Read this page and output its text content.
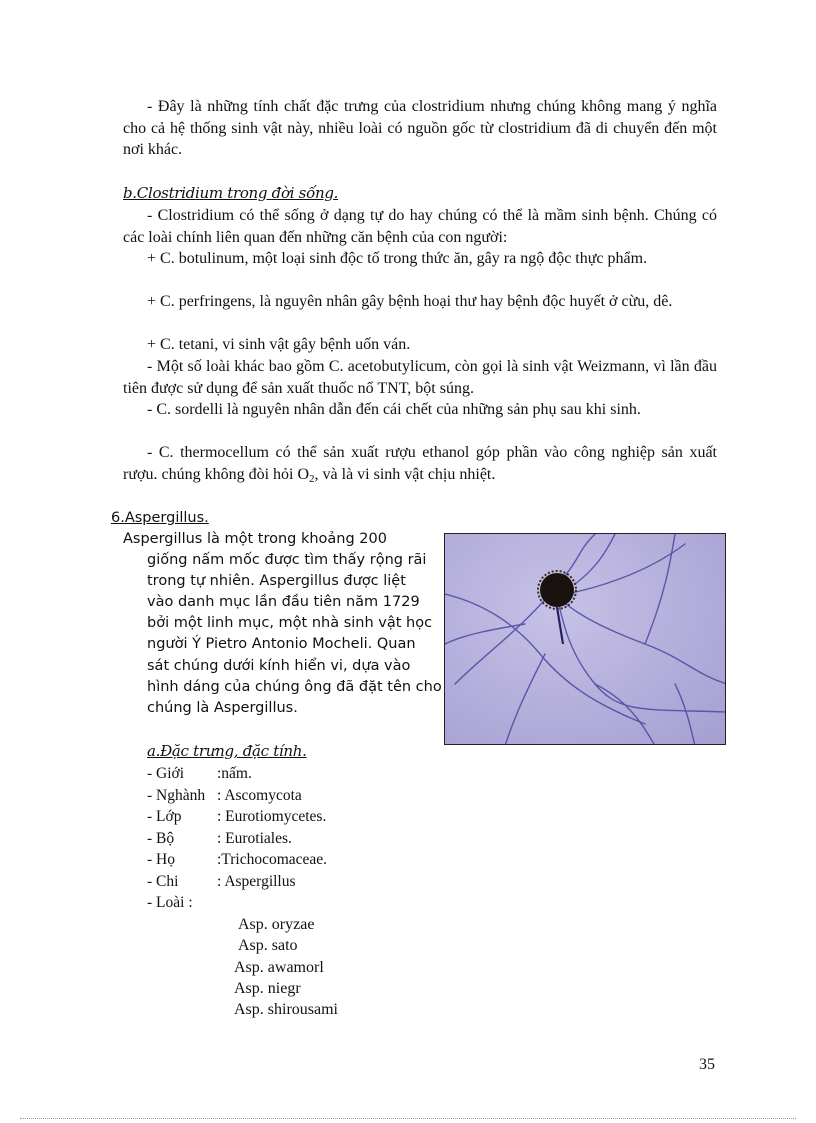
- Đây là những tính chất đặc trưng của clostridium nhưng chúng không mang ý nghĩa cho cả hệ thống sinh vật này, nhiều loài có nguồn gốc từ clostridium đã di chuyển đến một nơi khác.
b.Clostridium trong đời sống.
- Clostridium có thể sống ở dạng tự do hay chúng có thể là mầm sinh bệnh. Chúng có các loài chính liên quan đến những căn bệnh của con người:
+ C. botulinum, một loại sinh độc tố trong thức ăn, gây ra ngộ độc thực phẩm.
+ C. perfringens, là nguyên nhân gây bệnh hoại thư hay bệnh độc huyết ở cừu, dê.
+ C. tetani, vi sinh vật gây bệnh uốn ván.
- Một số loài khác bao gồm C. acetobutylicum, còn gọi là sinh vật Weizmann, vì lần đầu tiên được sử dụng để sản xuất thuốc nổ TNT, bột súng.
- C. sordelli là nguyên nhân dẫn đến cái chết của những sản phụ sau khi sinh.
- C. thermocellum có thể sản xuất rượu ethanol góp phần vào công nghiệp sản xuất rượu. chúng không đòi hỏi $O_2$, và là vi sinh vật chịu nhiệt.
6.Aspergillus.
Aspergillus là một trong khoảng 200
giống nấm mốc được tìm thấy rộng rãi
trong tự nhiên. Aspergillus được liệt
vào danh mục lần đầu tiên năm 1729
bởi một linh mục, một nhà sinh vật học
người Ý Pietro Antonio Mocheli. Quan
sát chúng dưới kính hiển vi, dựa vào
hình dáng của chúng ông đã đặt tên cho
chúng là Aspergillus.
a.Đặc trưng, đặc tính.
- Giới :nấm.
- Nghành : Ascomycota
- Lớp : Eurotiomycetes.
- Bộ	: Eurotiales.
- Họ	:Trichocomaceae.
- Chi : Aspergillus
- Loài :
Asp. oryzae
Asp. sato
Asp. awamorl
Asp. niegr
Asp. shirousami
35
